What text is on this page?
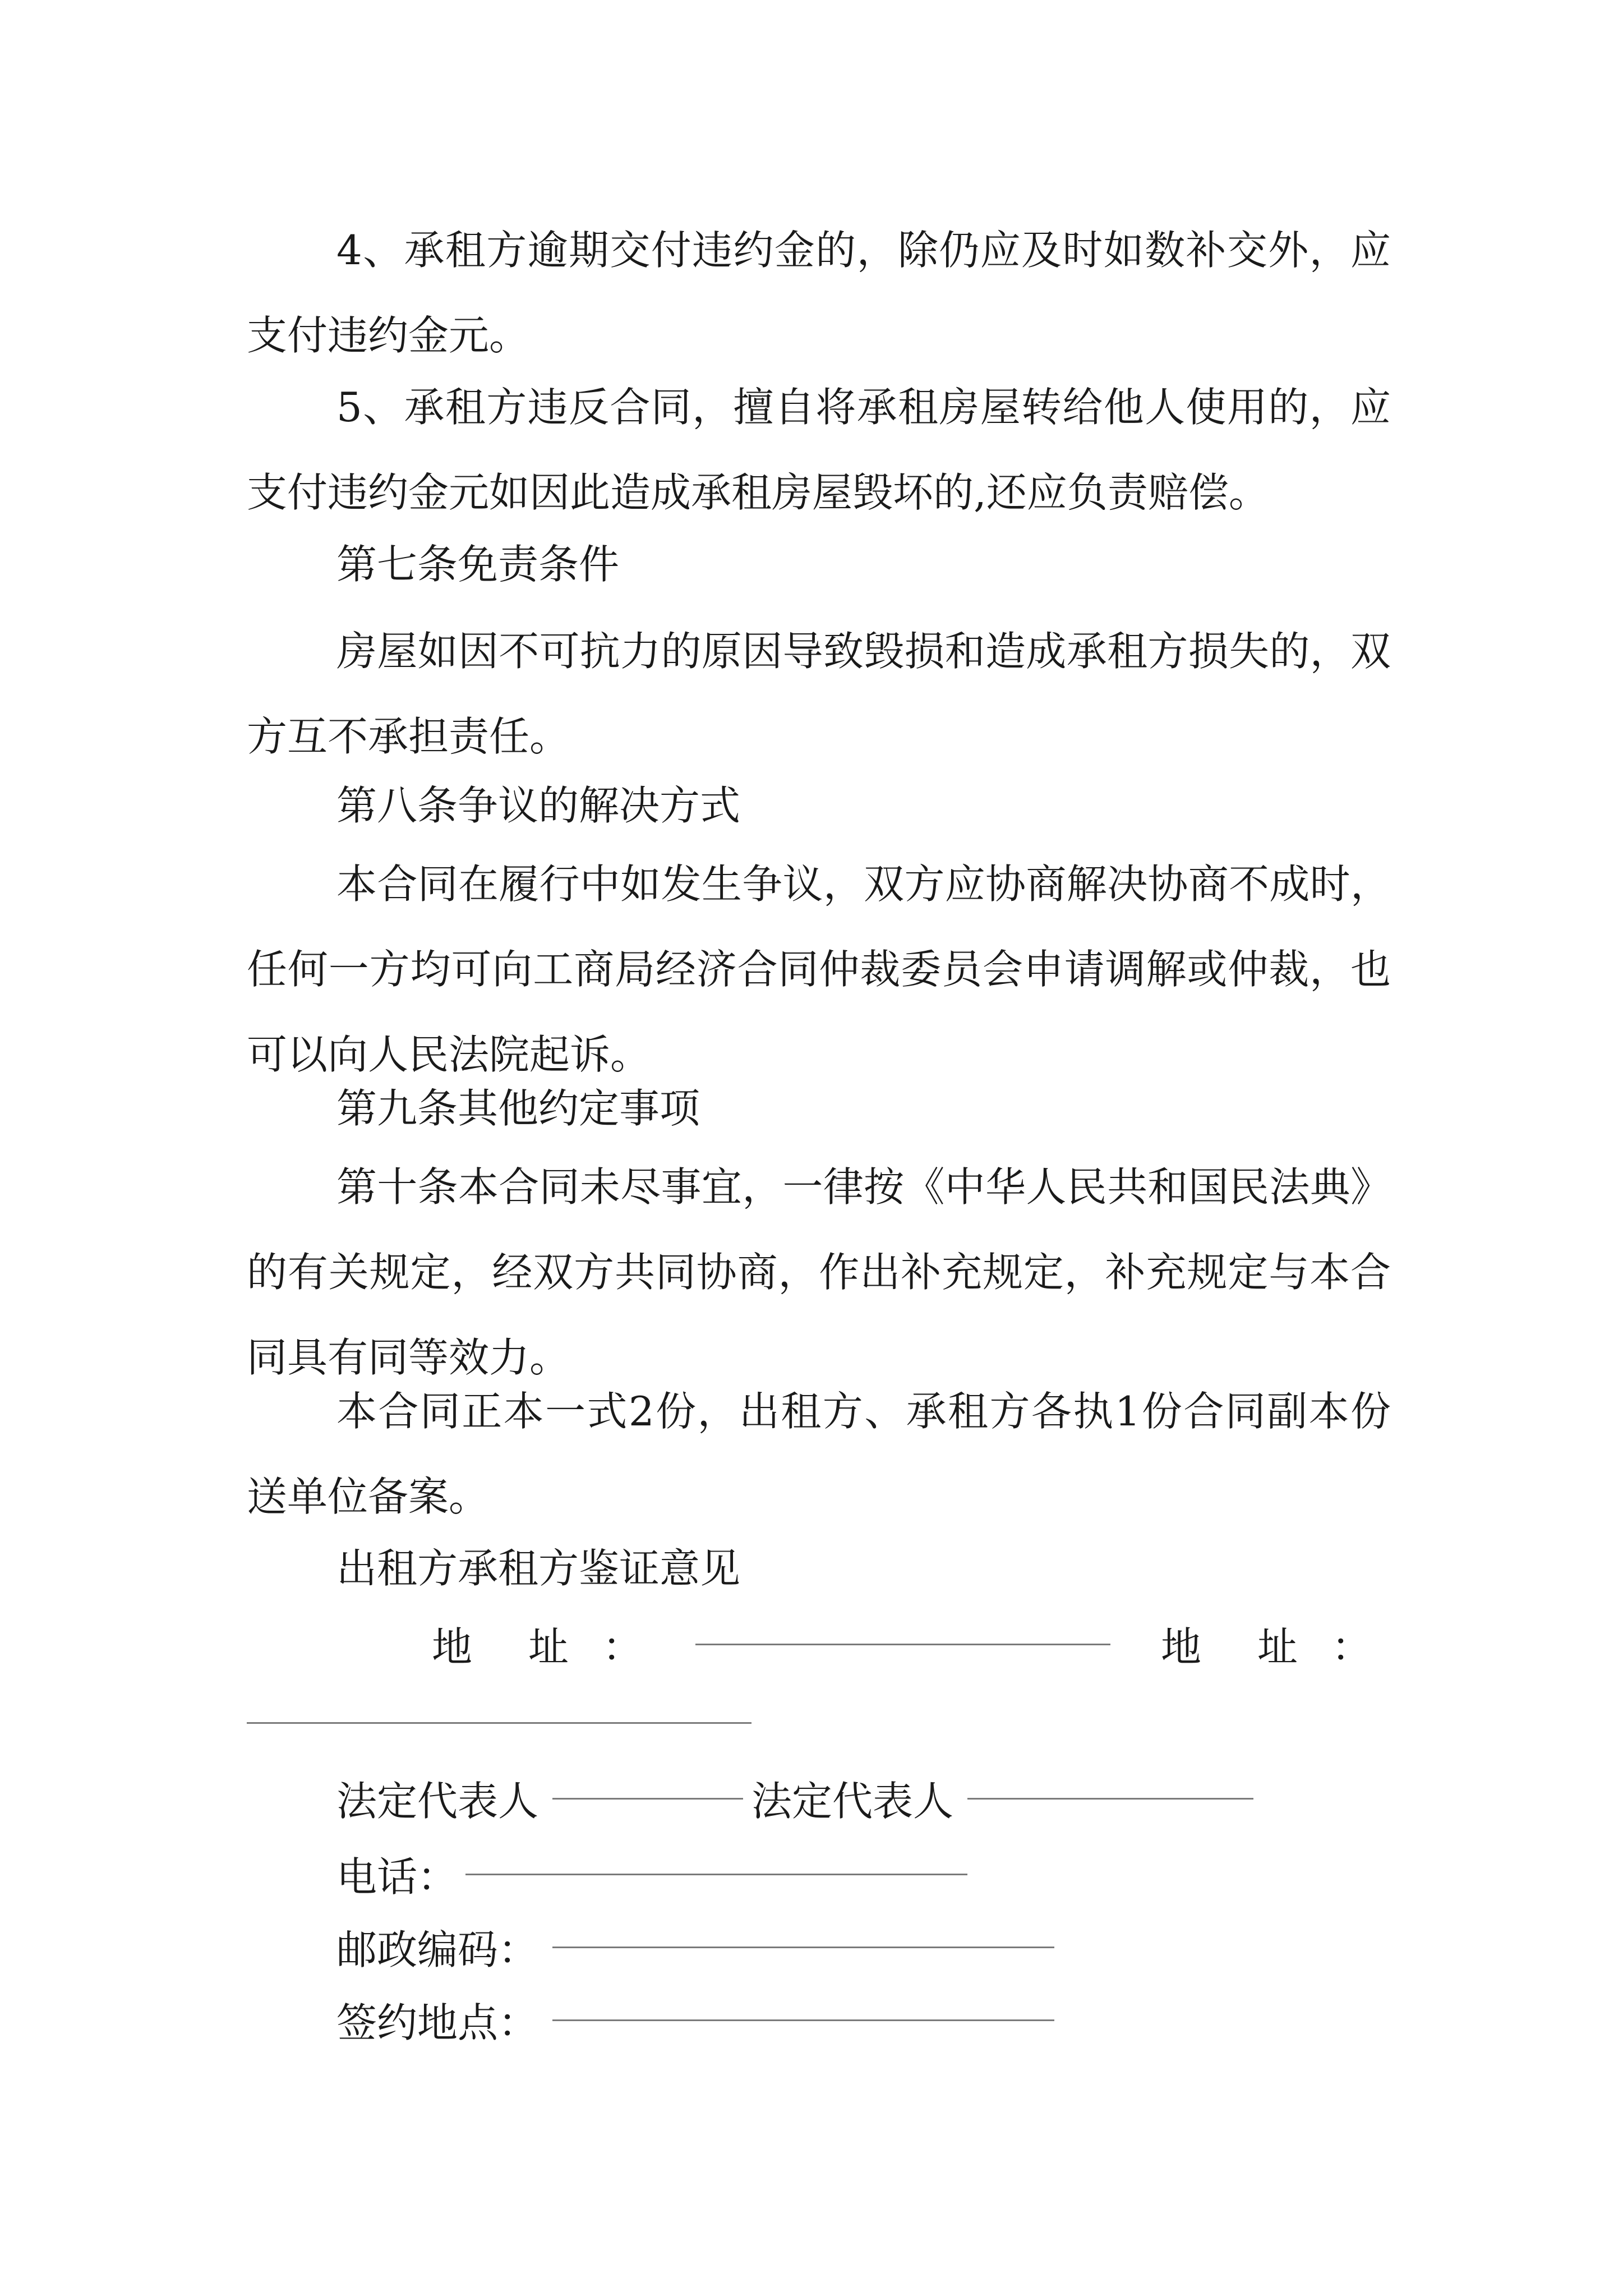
4、承租方逾期交付违约金的，除仍应及时如数补交外，应支付违约金元。

5、承租方违反合同，擅自将承租房屋转给他人使用的，应支付违约金元如因此造成承租房屋毁坏的,还应负责赔偿。

第七条免责条件

房屋如因不可抗力的原因导致毁损和造成承租方损失的，双方互不承担责任。

第八条争议的解决方式

本合同在履行中如发生争议，双方应协商解决协商不成时，任何一方均可向工商局经济合同仲裁委员会申请调解或仲裁，也可以向人民法院起诉。

第九条其他约定事项

第十条本合同未尽事宜，一律按《中华人民共和国民法典》的有关规定，经双方共同协商，作出补充规定，补充规定与本合同具有同等效力。

本合同正本一式2份，出租方、承租方各执1份合同副本份送单位备案。

出租方承租方鉴证意见

地 址 ：	地 址 ：
法定代表人	法定代表人
电话：
邮政编码：
签约地点：
